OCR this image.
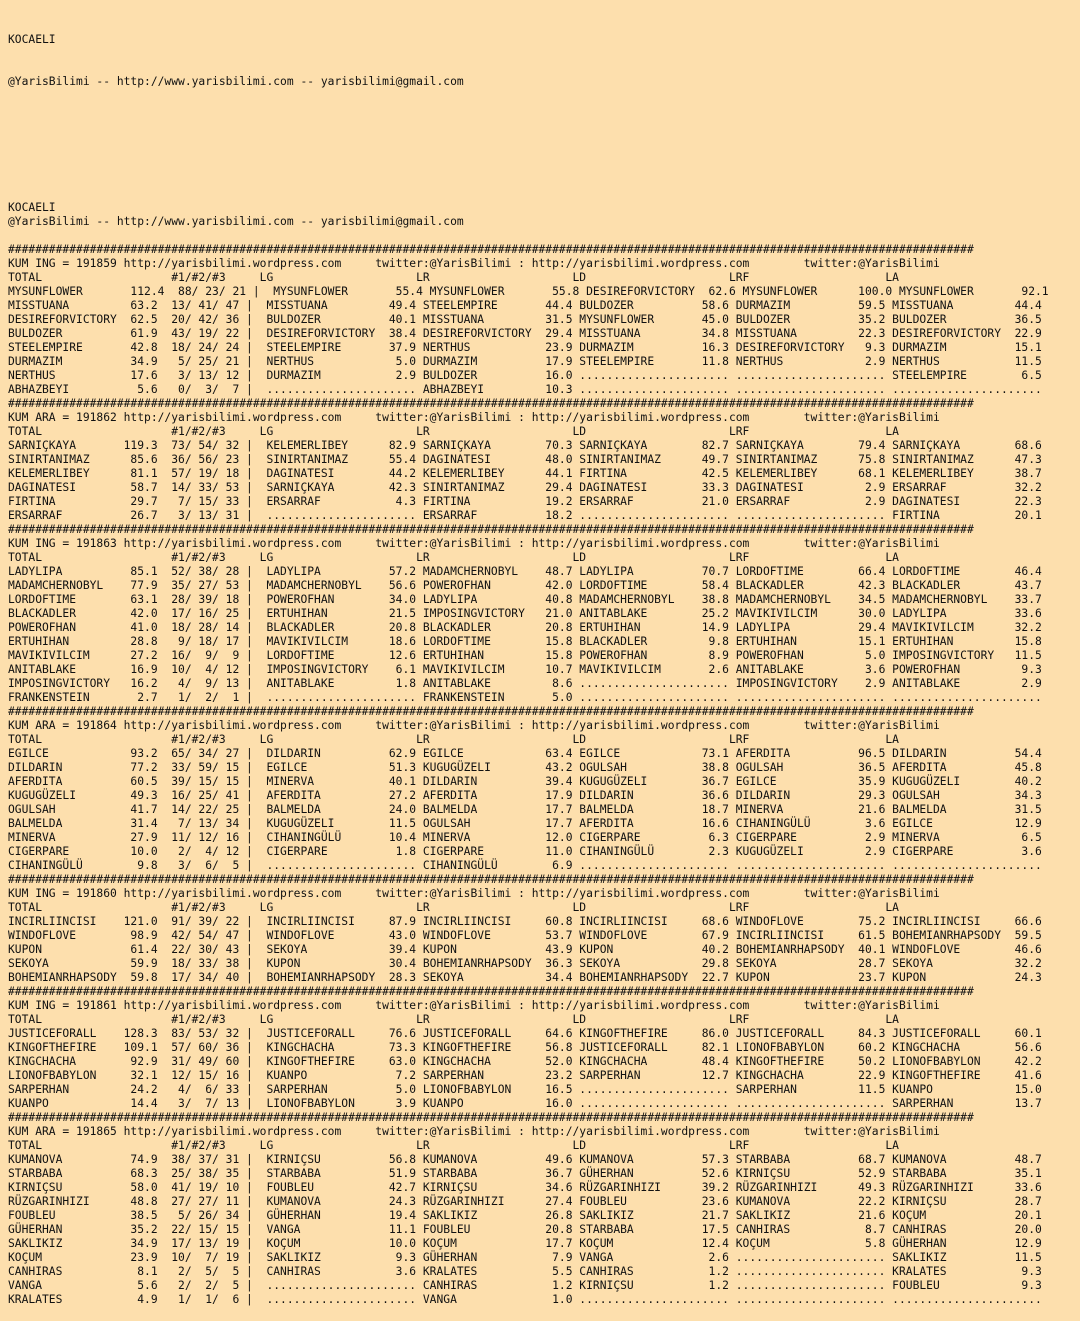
KOCAELI

@YarisBilimi -- http://www.yarisbilimi.com -- yarisbilimi@gmail.com

KOCAELI
@YarisBilimi -- http://www.yarisbilimi.com -- yarisbilimi@gmail.com
##############################################################################################################################################
KUM ING = 191859 http://yarisbilimi.wordpress.com     twitter:@YarisBilimi : http://yarisbilimi.wordpress.com        twitter:@YarisBilimi
TOTAL                   #1/#2/#3     LG                     LR                     LD                     LRF                    LA
MYSUNFLOWER       112.4  88/ 23/ 21 |  MYSUNFLOWER       55.4 MYSUNFLOWER       55.8 DESIREFORVICTORY  62.6 MYSUNFLOWER      100.0 MYSUNFLOWER       92.1
MISSTUANA         63.2  13/ 41/ 47 |  MISSTUANA         49.4 STEELEMPIRE       44.4 BULDOZER          58.6 DURMAZIM          59.5 MISSTUANA         44.4
DESIREFORVICTORY  62.5  20/ 42/ 36 |  BULDOZER          40.1 MISSTUANA         31.5 MYSUNFLOWER       45.0 BULDOZER          35.2 BULDOZER          36.5
BULDOZER          61.9  43/ 19/ 22 |  DESIREFORVICTORY  38.4 DESIREFORVICTORY  29.4 MISSTUANA         34.8 MISSTUANA         22.3 DESIREFORVICTORY  22.9
STEELEMPIRE       42.8  18/ 24/ 24 |  STEELEMPIRE       37.9 NERTHUS           23.9 DURMAZIM          16.3 DESIREFORVICTORY   9.3 DURMAZIM          15.1
DURMAZIM          34.9   5/ 25/ 21 |  NERTHUS            5.0 DURMAZIM          17.9 STEELEMPIRE       11.8 NERTHUS            2.9 NERTHUS           11.5
NERTHUS           17.6   3/ 13/ 12 |  DURMAZIM           2.9 BULDOZER          16.0 ...................... ...................... STEELEMPIRE        6.5
ABHAZBEYI          5.6   0/  3/  7 |  ...................... ABHAZBEYI         10.3 ...................... ...................... ......................
##############################################################################################################################################
KUM ARA = 191862 http://yarisbilimi.wordpress.com     twitter:@YarisBilimi : http://yarisbilimi.wordpress.com        twitter:@YarisBilimi
TOTAL                   #1/#2/#3     LG                     LR                     LD                     LRF                    LA
SARNIÇKAYA       119.3  73/ 54/ 32 |  KELEMERLIBEY      82.9 SARNIÇKAYA        70.3 SARNIÇKAYA        82.7 SARNIÇKAYA        79.4 SARNIÇKAYA        68.6
SINIRTANIMAZ      85.6  36/ 56/ 23 |  SINIRTANIMAZ      55.4 DAGINATESI        48.0 SINIRTANIMAZ      49.7 SINIRTANIMAZ      75.8 SINIRTANIMAZ      47.3
KELEMERLIBEY      81.1  57/ 19/ 18 |  DAGINATESI        44.2 KELEMERLIBEY      44.1 FIRTINA           42.5 KELEMERLIBEY      68.1 KELEMERLIBEY      38.7
DAGINATESI        58.7  14/ 33/ 53 |  SARNIÇKAYA        42.3 SINIRTANIMAZ      29.4 DAGINATESI        33.3 DAGINATESI         2.9 ERSARRAF          32.2
FIRTINA           29.7   7/ 15/ 33 |  ERSARRAF           4.3 FIRTINA           19.2 ERSARRAF          21.0 ERSARRAF           2.9 DAGINATESI        22.3
ERSARRAF          26.7   3/ 13/ 31 |  ...................... ERSARRAF          18.2 ...................... ...................... FIRTINA           20.1
##############################################################################################################################################
KUM ING = 191863 http://yarisbilimi.wordpress.com     twitter:@YarisBilimi : http://yarisbilimi.wordpress.com        twitter:@YarisBilimi
TOTAL                   #1/#2/#3     LG                     LR                     LD                     LRF                    LA
LADYLIPA          85.1  52/ 38/ 28 |  LADYLIPA          57.2 MADAMCHERNOBYL    48.7 LADYLIPA          70.7 LORDOFTIME        66.4 LORDOFTIME        46.4
MADAMCHERNOBYL    77.9  35/ 27/ 53 |  MADAMCHERNOBYL    56.6 POWEROFHAN        42.0 LORDOFTIME        58.4 BLACKADLER        42.3 BLACKADLER        43.7
LORDOFTIME        63.1  28/ 39/ 18 |  POWEROFHAN        34.0 LADYLIPA          40.8 MADAMCHERNOBYL    38.8 MADAMCHERNOBYL    34.5 MADAMCHERNOBYL    33.7
BLACKADLER        42.0  17/ 16/ 25 |  ERTUHIHAN         21.5 IMPOSINGVICTORY   21.0 ANITABLAKE        25.2 MAVIKIVILCIM      30.0 LADYLIPA          33.6
POWEROFHAN        41.0  18/ 28/ 14 |  BLACKADLER        20.8 BLACKADLER        20.8 ERTUHIHAN         14.9 LADYLIPA          29.4 MAVIKIVILCIM      32.2
ERTUHIHAN         28.8   9/ 18/ 17 |  MAVIKIVILCIM      18.6 LORDOFTIME        15.8 BLACKADLER         9.8 ERTUHIHAN         15.1 ERTUHIHAN         15.8
MAVIKIVILCIM      27.2  16/  9/  9 |  LORDOFTIME        12.6 ERTUHIHAN         15.8 POWEROFHAN         8.9 POWEROFHAN         5.0 IMPOSINGVICTORY   11.5
ANITABLAKE        16.9  10/  4/ 12 |  IMPOSINGVICTORY    6.1 MAVIKIVILCIM      10.7 MAVIKIVILCIM       2.6 ANITABLAKE         3.6 POWEROFHAN         9.3
IMPOSINGVICTORY   16.2   4/  9/ 13 |  ANITABLAKE         1.8 ANITABLAKE         8.6 ...................... IMPOSINGVICTORY    2.9 ANITABLAKE         2.9
FRANKENSTEIN       2.7   1/  2/  1 |  ...................... FRANKENSTEIN       5.0 ...................... ...................... ......................
##############################################################################################################################################
KUM ARA = 191864 http://yarisbilimi.wordpress.com     twitter:@YarisBilimi : http://yarisbilimi.wordpress.com        twitter:@YarisBilimi
TOTAL                   #1/#2/#3     LG                     LR                     LD                     LRF                    LA
EGILCE            93.2  65/ 34/ 27 |  DILDARIN          62.9 EGILCE            63.4 EGILCE            73.1 AFERDITA          96.5 DILDARIN          54.4
DILDARIN          77.2  33/ 59/ 15 |  EGILCE            51.3 KUGUGÜZELI        43.2 OGULSAH           38.8 OGULSAH           36.5 AFERDITA          45.8
AFERDITA          60.5  39/ 15/ 15 |  MINERVA           40.1 DILDARIN          39.4 KUGUGÜZELI        36.7 EGILCE            35.9 KUGUGÜZELI        40.2
KUGUGÜZELI        49.3  16/ 25/ 41 |  AFERDITA          27.2 AFERDITA          17.9 DILDARIN          36.6 DILDARIN          29.3 OGULSAH           34.3
OGULSAH           41.7  14/ 22/ 25 |  BALMELDA          24.0 BALMELDA          17.7 BALMELDA          18.7 MINERVA           21.6 BALMELDA          31.5
BALMELDA          31.4   7/ 13/ 34 |  KUGUGÜZELI        11.5 OGULSAH           17.7 AFERDITA          16.6 CIHANINGÜLÜ        3.6 EGILCE            12.9
MINERVA           27.9  11/ 12/ 16 |  CIHANINGÜLÜ       10.4 MINERVA           12.0 CIGERPARE          6.3 CIGERPARE          2.9 MINERVA            6.5
CIGERPARE         10.0   2/  4/ 12 |  CIGERPARE          1.8 CIGERPARE         11.0 CIHANINGÜLÜ        2.3 KUGUGÜZELI         2.9 CIGERPARE          3.6
CIHANINGÜLÜ        9.8   3/  6/  5 |  ...................... CIHANINGÜLÜ        6.9 ...................... ...................... ......................
##############################################################################################################################################
KUM ING = 191860 http://yarisbilimi.wordpress.com     twitter:@YarisBilimi : http://yarisbilimi.wordpress.com        twitter:@YarisBilimi
TOTAL                   #1/#2/#3     LG                     LR                     LD                     LRF                    LA
INCIRLIINCISI    121.0  91/ 39/ 22 |  INCIRLIINCISI     87.9 INCIRLIINCISI     60.8 INCIRLIINCISI     68.6 WINDOFLOVE        75.2 INCIRLIINCISI     66.6
WINDOFLOVE        98.9  42/ 54/ 47 |  WINDOFLOVE        43.0 WINDOFLOVE        53.7 WINDOFLOVE        67.9 INCIRLIINCISI     61.5 BOHEMIANRHAPSODY  59.5
KUPON             61.4  22/ 30/ 43 |  SEKOYA            39.4 KUPON             43.9 KUPON             40.2 BOHEMIANRHAPSODY  40.1 WINDOFLOVE        46.6
SEKOYA            59.9  18/ 33/ 38 |  KUPON             30.4 BOHEMIANRHAPSODY  36.3 SEKOYA            29.8 SEKOYA            28.7 SEKOYA            32.2
BOHEMIANRHAPSODY  59.8  17/ 34/ 40 |  BOHEMIANRHAPSODY  28.3 SEKOYA            34.4 BOHEMIANRHAPSODY  22.7 KUPON             23.7 KUPON             24.3
##############################################################################################################################################
KUM ING = 191861 http://yarisbilimi.wordpress.com     twitter:@YarisBilimi : http://yarisbilimi.wordpress.com        twitter:@YarisBilimi
TOTAL                   #1/#2/#3     LG                     LR                     LD                     LRF                    LA
JUSTICEFORALL    128.3  83/ 53/ 32 |  JUSTICEFORALL     76.6 JUSTICEFORALL     64.6 KINGOFTHEFIRE     86.0 JUSTICEFORALL     84.3 JUSTICEFORALL     60.1
KINGOFTHEFIRE    109.1  57/ 60/ 36 |  KINGCHACHA        73.3 KINGOFTHEFIRE     56.8 JUSTICEFORALL     82.1 LIONOFBABYLON     60.2 KINGCHACHA        56.6
KINGCHACHA        92.9  31/ 49/ 60 |  KINGOFTHEFIRE     63.0 KINGCHACHA        52.0 KINGCHACHA        48.4 KINGOFTHEFIRE     50.2 LIONOFBABYLON     42.2
LIONOFBABYLON     32.1  12/ 15/ 16 |  KUANPO             7.2 SARPERHAN         23.2 SARPERHAN         12.7 KINGCHACHA        22.9 KINGOFTHEFIRE     41.6
SARPERHAN         24.2   4/  6/ 33 |  SARPERHAN          5.0 LIONOFBABYLON     16.5 ...................... SARPERHAN         11.5 KUANPO            15.0
KUANPO            14.4   3/  7/ 13 |  LIONOFBABYLON      3.9 KUANPO            16.0 ...................... ...................... SARPERHAN         13.7
##############################################################################################################################################
KUM ARA = 191865 http://yarisbilimi.wordpress.com     twitter:@YarisBilimi : http://yarisbilimi.wordpress.com        twitter:@YarisBilimi
TOTAL                   #1/#2/#3     LG                     LR                     LD                     LRF                    LA
KUMANOVA          74.9  38/ 37/ 31 |  KIRNIÇSU          56.8 KUMANOVA          49.6 KUMANOVA          57.3 STARBABA          68.7 KUMANOVA          48.7
STARBABA          68.3  25/ 38/ 35 |  STARBABA          51.9 STARBABA          36.7 GÜHERHAN          52.6 KIRNIÇSU          52.9 STARBABA          35.1
KIRNIÇSU          58.0  41/ 19/ 10 |  FOUBLEU           42.7 KIRNIÇSU          34.6 RÜZGARINHIZI      39.2 RÜZGARINHIZI      49.3 RÜZGARINHIZI      33.6
RÜZGARINHIZI      48.8  27/ 27/ 11 |  KUMANOVA          24.3 RÜZGARINHIZI      27.4 FOUBLEU           23.6 KUMANOVA          22.2 KIRNIÇSU          28.7
FOUBLEU           38.5   5/ 26/ 34 |  GÜHERHAN          19.4 SAKLIKIZ          26.8 SAKLIKIZ          21.7 SAKLIKIZ          21.6 KOÇUM             20.1
GÜHERHAN          35.2  22/ 15/ 15 |  VANGA             11.1 FOUBLEU           20.8 STARBABA          17.5 CANHIRAS           8.7 CANHIRAS          20.0
SAKLIKIZ          34.9  17/ 13/ 19 |  KOÇUM             10.0 KOÇUM             17.7 KOÇUM             12.4 KOÇUM              5.8 GÜHERHAN          12.9
KOÇUM             23.9  10/  7/ 19 |  SAKLIKIZ           9.3 GÜHERHAN           7.9 VANGA              2.6 ...................... SAKLIKIZ          11.5
CANHIRAS           8.1   2/  5/  5 |  CANHIRAS           3.6 KRALATES           5.5 CANHIRAS           1.2 ...................... KRALATES           9.3
VANGA              5.6   2/  2/  5 |  ...................... CANHIRAS           1.2 KIRNIÇSU           1.2 ...................... FOUBLEU            9.3
KRALATES           4.9   1/  1/  6 |  ...................... VANGA              1.0 ...................... ...................... ......................
